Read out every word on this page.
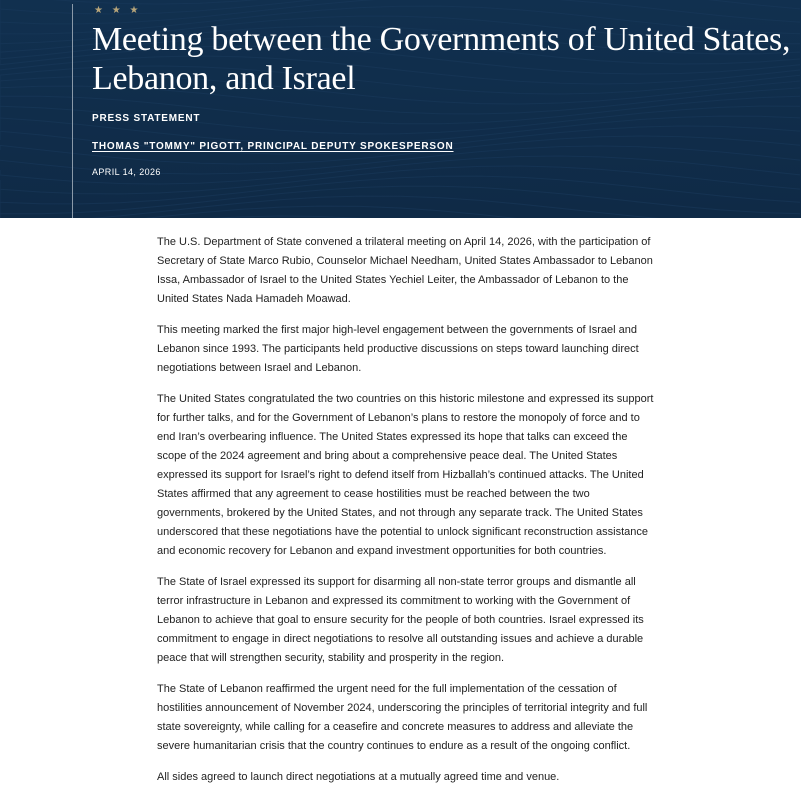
★ ★ ★
Meeting between the Governments of United States, Lebanon, and Israel
PRESS STATEMENT
THOMAS "TOMMY" PIGOTT, PRINCIPAL DEPUTY SPOKESPERSON
APRIL 14, 2026

The U.S. Department of State convened a trilateral meeting on April 14, 2026, with the participation of Secretary of State Marco Rubio, Counselor Michael Needham, United States Ambassador to Lebanon Issa, Ambassador of Israel to the United States Yechiel Leiter, the Ambassador of Lebanon to the United States Nada Hamadeh Moawad.

This meeting marked the first major high-level engagement between the governments of Israel and Lebanon since 1993. The participants held productive discussions on steps toward launching direct negotiations between Israel and Lebanon.

The United States congratulated the two countries on this historic milestone and expressed its support for further talks, and for the Government of Lebanon’s plans to restore the monopoly of force and to end Iran’s overbearing influence. The United States expressed its hope that talks can exceed the scope of the 2024 agreement and bring about a comprehensive peace deal. The United States expressed its support for Israel’s right to defend itself from Hizballah’s continued attacks. The United States affirmed that any agreement to cease hostilities must be reached between the two governments, brokered by the United States, and not through any separate track. The United States underscored that these negotiations have the potential to unlock significant reconstruction assistance and economic recovery for Lebanon and expand investment opportunities for both countries.

The State of Israel expressed its support for disarming all non-state terror groups and dismantle all terror infrastructure in Lebanon and expressed its commitment to working with the Government of Lebanon to achieve that goal to ensure security for the people of both countries. Israel expressed its commitment to engage in direct negotiations to resolve all outstanding issues and achieve a durable peace that will strengthen security, stability and prosperity in the region.

The State of Lebanon reaffirmed the urgent need for the full implementation of the cessation of hostilities announcement of November 2024, underscoring the principles of territorial integrity and full state sovereignty, while calling for a ceasefire and concrete measures to address and alleviate the severe humanitarian crisis that the country continues to endure as a result of the ongoing conflict.

All sides agreed to launch direct negotiations at a mutually agreed time and venue.
